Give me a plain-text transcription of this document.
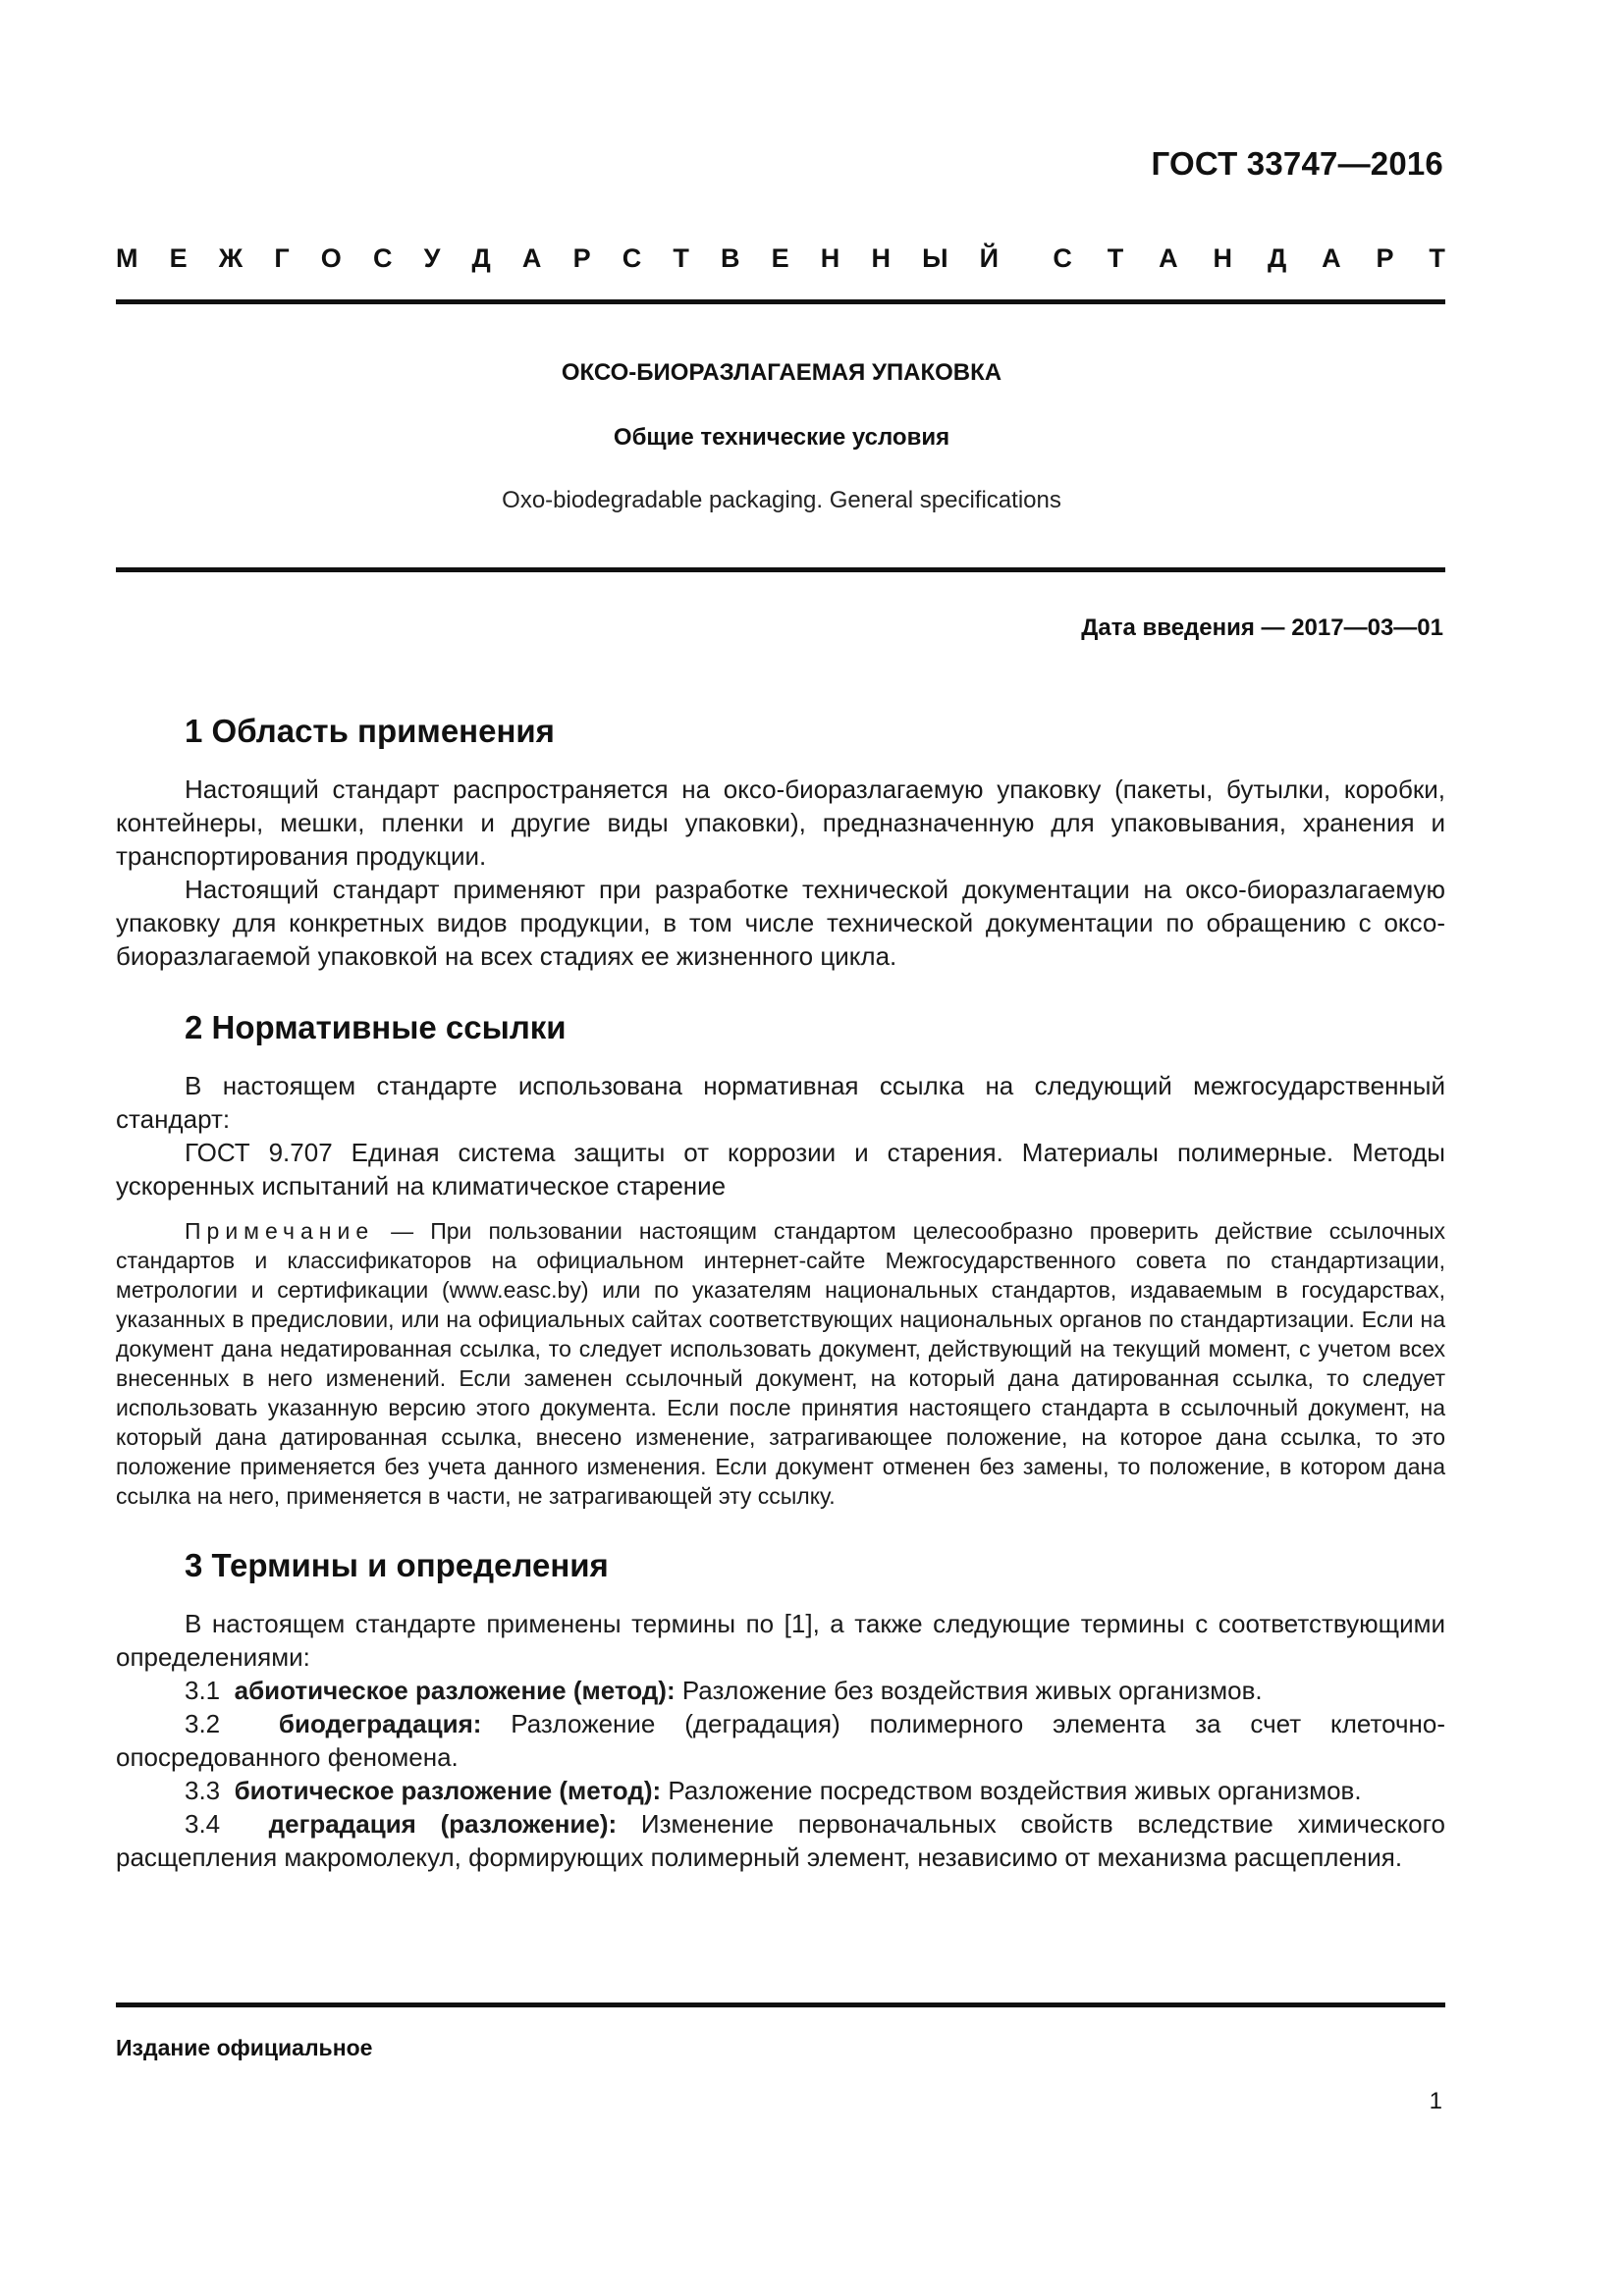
ГОСТ 33747—2016
М Е Ж Г О С У Д А Р С Т В Е Н Н Ы Й С Т А Н Д А Р Т
ОКСО-БИОРАЗЛАГАЕМАЯ УПАКОВКА
Общие технические условия
Oxo-biodegradable packaging. General specifications
Дата введения — 2017—03—01
1 Область применения

Настоящий стандарт распространяется на оксо-биоразлагаемую упаковку (пакеты, бутылки, коробки, контейнеры, мешки, пленки и другие виды упаковки), предназначенную для упаковывания, хранения и транспортирования продукции.

Настоящий стандарт применяют при разработке технической документации на оксо-биоразлагаемую упаковку для конкретных видов продукции, в том числе технической документации по обращению с оксо-биоразлагаемой упаковкой на всех стадиях ее жизненного цикла.

2 Нормативные ссылки

В настоящем стандарте использована нормативная ссылка на следующий межгосударственный стандарт:

ГОСТ 9.707 Единая система защиты от коррозии и старения. Материалы полимерные. Методы ускоренных испытаний на климатическое старение

Примечание — При пользовании настоящим стандартом целесообразно проверить действие ссылочных стандартов и классификаторов на официальном интернет-сайте Межгосударственного совета по стандартизации, метрологии и сертификации (www.easc.by) или по указателям национальных стандартов, издаваемым в государствах, указанных в предисловии, или на официальных сайтах соответствующих национальных органов по стандартизации. Если на документ дана недатированная ссылка, то следует использовать документ, действующий на текущий момент, с учетом всех внесенных в него изменений. Если заменен ссылочный документ, на который дана датированная ссылка, то следует использовать указанную версию этого документа. Если после принятия настоящего стандарта в ссылочный документ, на который дана датированная ссылка, внесено изменение, затрагивающее положение, на которое дана ссылка, то это положение применяется без учета данного изменения. Если документ отменен без замены, то положение, в котором дана ссылка на него, применяется в части, не затрагивающей эту ссылку.

3 Термины и определения

В настоящем стандарте применены термины по [1], а также следующие термины с соответствующими определениями:

3.1 абиотическое разложение (метод): Разложение без воздействия живых организмов.

3.2 биодеградация: Разложение (деградация) полимерного элемента за счет клеточно-опосредованного феномена.

3.3 биотическое разложение (метод): Разложение посредством воздействия живых организмов.

3.4 деградация (разложение): Изменение первоначальных свойств вследствие химического расщепления макромолекул, формирующих полимерный элемент, независимо от механизма расщепления.

Издание официальное
1
